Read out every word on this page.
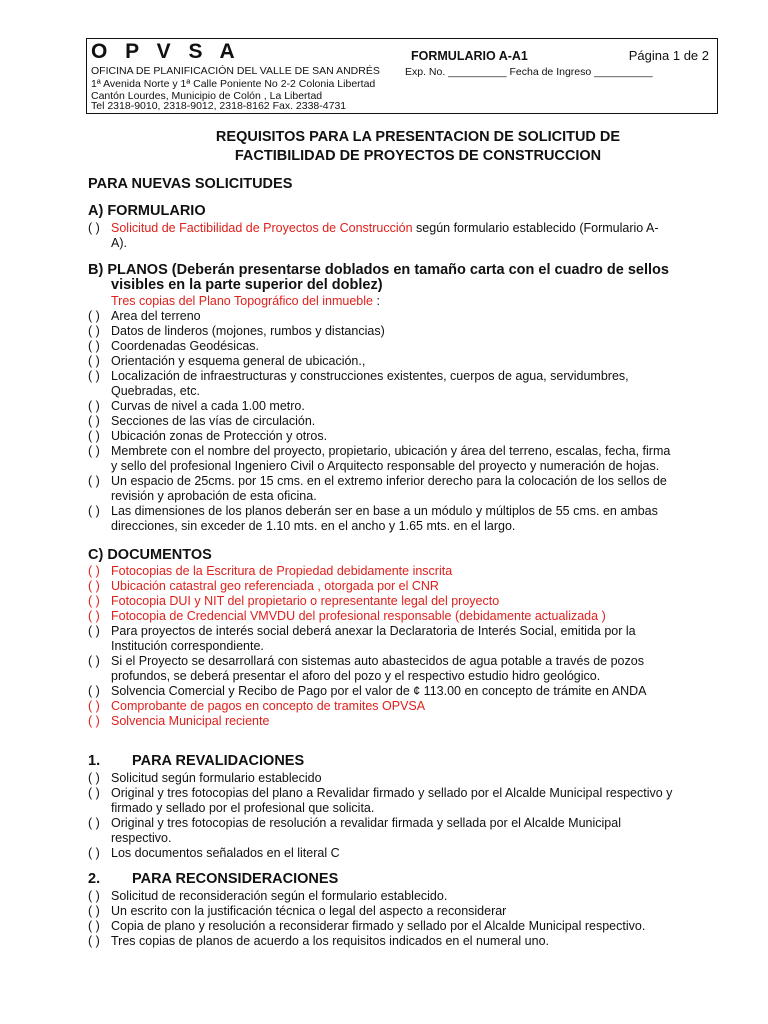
O P V S A
OFICINA DE PLANIFICACIÓN DEL VALLE DE SAN ANDRÉS
1ª Avenida Norte y 1ª Calle Poniente No 2-2 Colonia Libertad
Cantón Lourdes, Municipio de Colón , La Libertad
Tel 2318-9010, 2318-9012, 2318-8162 Fax. 2338-4731
FORMULARIO A-A1	Página 1 de 2
Exp. No. __________ Fecha de Ingreso __________
REQUISITOS PARA LA PRESENTACION DE SOLICITUD DE
FACTIBILIDAD DE PROYECTOS DE CONSTRUCCION
PARA NUEVAS SOLICITUDES
A) FORMULARIO
( ) Solicitud de Factibilidad de Proyectos de Construcción según formulario establecido (Formulario A-
A).
B) PLANOS (Deberán presentarse doblados en tamaño carta con el cuadro de sellos
visibles en la parte superior del doblez)
Tres copias del Plano Topográfico del inmueble :
( ) Area del terreno
( ) Datos de linderos (mojones, rumbos y distancias)
( ) Coordenadas Geodésicas.
( ) Orientación y esquema general de ubicación.,
( ) Localización de infraestructuras y construcciones existentes, cuerpos de agua, servidumbres,
Quebradas, etc.
( ) Curvas de nivel a cada 1.00 metro.
( ) Secciones de las vías de circulación.
( ) Ubicación zonas de Protección y otros.
( ) Membrete con el nombre del proyecto, propietario, ubicación y área del terreno, escalas, fecha, firma
y sello del profesional Ingeniero Civil o Arquitecto responsable del proyecto y numeración de hojas.
( ) Un espacio de 25cms. por 15 cms. en el extremo inferior derecho para la colocación de los sellos de
revisión y aprobación de esta oficina.
( ) Las dimensiones de los planos deberán ser en base a un módulo y múltiplos de 55 cms. en ambas
direcciones, sin exceder de 1.10 mts. en el ancho y 1.65 mts. en el largo.
C) DOCUMENTOS
( ) Fotocopias de la Escritura de Propiedad debidamente inscrita
( ) Ubicación catastral geo referenciada , otorgada por el CNR
( ) Fotocopia DUI y NIT del propietario o representante legal del proyecto
( ) Fotocopia de Credencial VMVDU del profesional responsable (debidamente actualizada )
( ) Para proyectos de interés social deberá anexar la Declaratoria de Interés Social, emitida por la
Institución correspondiente.
( ) Si el Proyecto se desarrollará con sistemas auto abastecidos de agua potable a través de pozos
profundos, se deberá presentar el aforo del pozo y el respectivo estudio hidro geológico.
( ) Solvencia Comercial y Recibo de Pago por el valor de ¢ 113.00 en concepto de trámite en ANDA
( ) Comprobante de pagos en concepto de tramites OPVSA
( ) Solvencia Municipal reciente
1. PARA REVALIDACIONES
( ) Solicitud según formulario establecido
( ) Original y tres fotocopias del plano a Revalidar firmado y sellado por el Alcalde Municipal respectivo y
firmado y sellado por el profesional que solicita.
( ) Original y tres fotocopias de resolución a revalidar firmada y sellada por el Alcalde Municipal
respectivo.
( ) Los documentos señalados en el literal C
2. PARA RECONSIDERACIONES
( ) Solicitud de reconsideración según el formulario establecido.
( ) Un escrito con la justificación técnica o legal del aspecto a reconsiderar
( ) Copia de plano y resolución a reconsiderar firmado y sellado por el Alcalde Municipal respectivo.
( ) Tres copias de planos de acuerdo a los requisitos indicados en el numeral uno.
